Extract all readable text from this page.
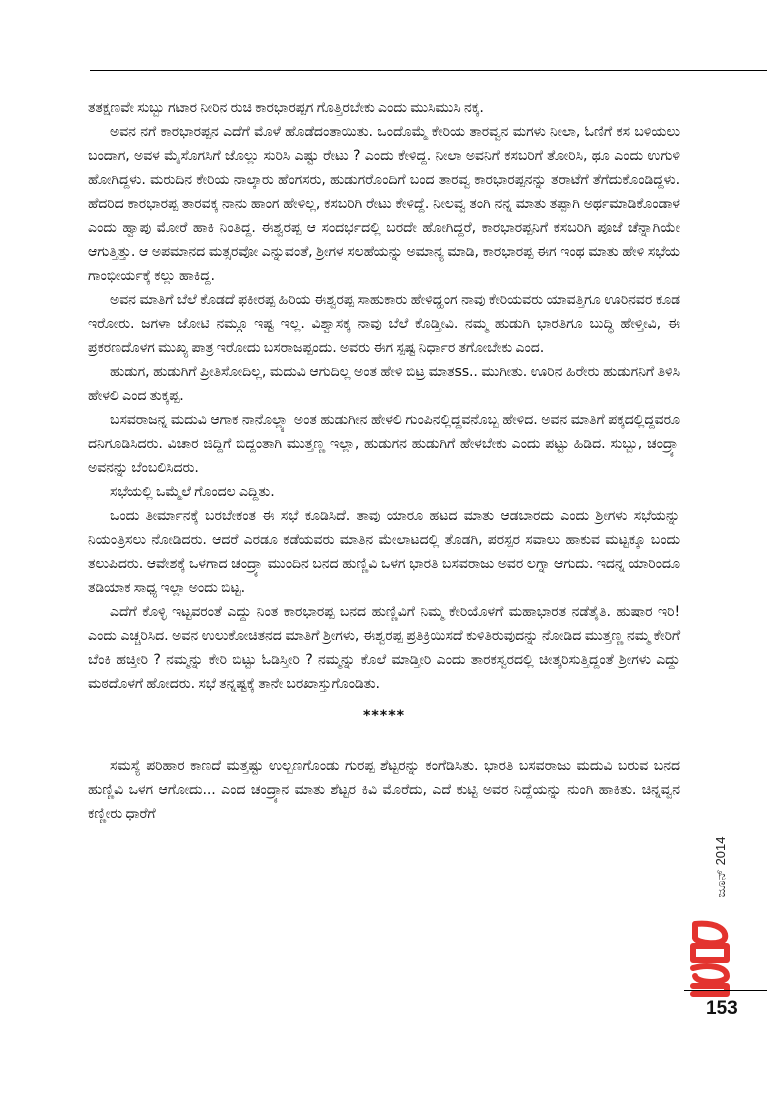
ತತಕ್ಷಣವೇ ಸುಬ್ಬು ಗಟಾರ ನೀರಿನ ರುಚಿ ಕಾರಭಾರಪ್ಪಗ ಗೊತ್ತಿರಬೇಕು ಎಂದು ಮುಸಿಮುಸಿ ನಕ್ಕ.

ಅವನ ನಗೆ ಕಾರಭಾರಪ್ಪನ ಎದೆಗೆ ಮೊಳೆ ಹೊಡೆದಂತಾಯಿತು. ಒಂದೊಮ್ಮೆ ಕೇರಿಯ ತಾರವ್ವನ ಮಗಳು ನೀಲಾ, ಓಣಿಗೆ ಕಸ ಬಳಿಯಲು ಬಂದಾಗ, ಅವಳ ಮೈಸೊಗಸಿಗೆ ಜೊಲ್ಲು ಸುರಿಸಿ ಎಷ್ಟು ರೇಟು ? ಎಂದು ಕೇಳಿದ್ದ. ನೀಲಾ ಅವನಿಗೆ ಕಸಬರಿಗೆ ತೋರಿಸಿ, ಥೂ ಎಂದು ಉಗುಳಿ ಹೋಗಿದ್ದಳು. ಮರುದಿನ ಕೇರಿಯ ನಾಲ್ಕಾರು ಹೆಂಗಸರು, ಹುಡುಗರೊಂದಿಗೆ ಬಂದ ತಾರವ್ವ ಕಾರಭಾರಪ್ಪನನ್ನು ತರಾಟೆಗೆ ತೆಗೆದುಕೊಂಡಿದ್ದಳು. ಹೆದರಿದ ಕಾರಭಾರಪ್ಪ ತಾರವಕ್ಕ ನಾನು ಹಾಂಗ ಹೇಳಿಲ್ಲ, ಕಸಬರಿಗಿ ರೇಟು ಕೇಳಿದ್ದೆ. ನೀಲವ್ವ ತಂಗಿ ನನ್ನ ಮಾತು ತಪ್ಪಾಗಿ ಅರ್ಥಮಾಡಿಕೊಂಡಾಳ ಎಂದು ಹ್ವಾಪು ಮೋರೆ ಹಾಕಿ ನಿಂತಿದ್ದ. ಈಶ್ವರಪ್ಪ ಆ ಸಂದರ್ಭದಲ್ಲಿ ಬರದೇ ಹೋಗಿದ್ದರೆ, ಕಾರಭಾರಪ್ಪನಿಗೆ ಕಸಬರಿಗಿ ಪೂಜೆ ಚೆನ್ನಾಗಿಯೇ ಆಗುತ್ತಿತ್ತು. ಆ ಅಪಮಾನದ ಮತ್ಸರವೋ ಎನ್ನುವಂತೆ, ಶ್ರೀಗಳ ಸಲಹೆಯನ್ನು ಅಮಾನ್ಯ ಮಾಡಿ, ಕಾರಭಾರಪ್ಪ ಈಗ ಇಂಥ ಮಾತು ಹೇಳಿ ಸಭೆಯ ಗಾಂಭೀರ್ಯಕ್ಕೆ ಕಲ್ಲು ಹಾಕಿದ್ದ.

ಅವನ ಮಾತಿಗೆ ಬೆಲೆ ಕೊಡದೆ ಫಕೀರಪ್ಪ ಹಿರಿಯ ಈಶ್ವರಪ್ಪ ಸಾಹುಕಾರು ಹೇಳಿದ್ಹಂಗ ನಾವು ಕೇರಿಯವರು ಯಾವತ್ತಿಗೂ ಊರಿನವರ ಕೂಡ ಇರೋರು. ಜಗಳಾ ಜೋಟಿ ನಮ್ಗೂ ಇಷ್ಟ ಇಲ್ಲ. ವಿಶ್ವಾಸಕ್ಕ ನಾವು ಬೆಲೆ ಕೊಡ್ತೀವಿ. ನಮ್ಮ ಹುಡುಗಿ ಭಾರತಿಗೂ ಬುದ್ಧಿ ಹೇಳ್ತೀವಿ, ಈ ಪ್ರಕರಣದೊಳಗ ಮುಖ್ಯ ಪಾತ್ರ ಇರೋದು ಬಸರಾಜಪ್ಪಂದು. ಅವರು ಈಗ ಸ್ಪಷ್ಟ ನಿರ್ಧಾರ ತಗೋಬೇಕು ಎಂದ.

ಹುಡುಗ, ಹುಡುಗಿಗೆ ಪ್ರೀತಿಸೋದಿಲ್ಲ, ಮದುವಿ ಆಗುದಿಲ್ಲ ಅಂತ ಹೇಳಿ ಬಿಟ್ರ ಮಾತss.. ಮುಗೀತು. ಊರಿನ ಹಿರೇರು ಹುಡುಗನಿಗೆ ತಿಳಿಸಿ ಹೇಳಲಿ ಎಂದ ತುಕ್ಕಪ್ಪ.

ಬಸವರಾಜನ್ನ ಮದುವಿ ಆಗಾಕ ನಾನೊಲ್ಲ್ಯಾ ಅಂತ ಹುಡುಗೀನ ಹೇಳಲಿ ಗುಂಪಿನಲ್ಲಿದ್ದವನೊಬ್ಬ ಹೇಳಿದ. ಅವನ ಮಾತಿಗೆ ಪಕ್ಕದಲ್ಲಿದ್ದವರೂ ದನಿಗೂಡಿಸಿದರು. ವಿಚಾರ ಜಿದ್ದಿಗೆ ಬಿದ್ದಂತಾಗಿ ಮುತ್ತಣ್ಣ ಇಲ್ಲಾ, ಹುಡುಗನ ಹುಡುಗಿಗೆ ಹೇಳಬೇಕು ಎಂದು ಪಟ್ಟು ಹಿಡಿದ. ಸುಬ್ಬು, ಚಂದ್ರ್ಯಾ ಅವನನ್ನು ಬೆಂಬಲಿಸಿದರು.

ಸಭೆಯಲ್ಲಿ ಒಮ್ಮೆಲೆ ಗೊಂದಲ ಎದ್ದಿತು.

ಒಂದು ತೀರ್ಮಾನಕ್ಕೆ ಬರಬೇಕಂತ ಈ ಸಭೆ ಕೂಡಿಸಿದೆ. ತಾವು ಯಾರೂ ಹಟದ ಮಾತು ಆಡಬಾರದು ಎಂದು ಶ್ರೀಗಳು ಸಭೆಯನ್ನು ನಿಯಂತ್ರಿಸಲು ನೋಡಿದರು. ಆದರೆ ಎರಡೂ ಕಡೆಯವರು ಮಾತಿನ ಮೇಲಾಟದಲ್ಲಿ ತೊಡಗಿ, ಪರಸ್ಪರ ಸವಾಲು ಹಾಕುವ ಮಟ್ಟಕ್ಕೂ ಬಂದು ತಲುಪಿದರು. ಆವೇಶಕ್ಕೆ ಒಳಗಾದ ಚಂದ್ರ್ಯಾ ಮುಂದಿನ ಬನದ ಹುಣ್ಣಿವಿ ಒಳಗ ಭಾರತಿ ಬಸವರಾಜು ಅವರ ಲಗ್ನಾ ಆಗುದು. ಇದನ್ನ ಯಾರಿಂದೂ ತಡಿಯಾಕ ಸಾಧ್ಯ ಇಲ್ಲಾ ಅಂದು ಬಿಟ್ಟ.

ಎದೆಗೆ ಕೊಳ್ಳಿ ಇಟ್ಟವರಂತೆ ಎದ್ದು ನಿಂತ ಕಾರಭಾರಪ್ಪ ಬನದ ಹುಣ್ಣಿವಿಗೆ ನಿಮ್ಮ ಕೇರಿಯೊಳಗೆ ಮಹಾಭಾರತ ನಡೆತೈತಿ. ಹುಷಾರ ಇರಿ! ಎಂದು ಎಚ್ಚರಿಸಿದ. ಅವನ ಉಲುಕೋಚಿತನದ ಮಾತಿಗೆ ಶ್ರೀಗಳು, ಈಶ್ವರಪ್ಪ ಪ್ರತಿಕ್ರಿಯಿಸದೆ ಕುಳಿತಿರುವುದನ್ನು ನೋಡಿದ ಮುತ್ತಣ್ಣ ನಮ್ಮ ಕೇರಿಗೆ ಬೆಂಕಿ ಹಚ್ತೀರಿ ? ನಮ್ಮನ್ನು ಕೇರಿ ಬಿಟ್ಟು ಓಡಿಸ್ತೀರಿ ? ನಮ್ಮನ್ನು ಕೊಲೆ ಮಾಡ್ತೀರಿ ಎಂದು ತಾರಕಸ್ವರದಲ್ಲಿ ಚೀತ್ಕರಿಸುತ್ತಿದ್ದಂತೆ ಶ್ರೀಗಳು ಎದ್ದು ಮಠದೊಳಗೆ ಹೋದರು. ಸಭೆ ತನ್ನಷ್ಟಕ್ಕೆ ತಾನೇ ಬರಖಾಸ್ತುಗೊಂಡಿತು.

*****

ಸಮಸ್ಯೆ ಪರಿಹಾರ ಕಾಣದೆ ಮತ್ತಷ್ಟು ಉಲ್ಬಣಗೊಂಡು ಗುರಪ್ಪ ಶೆಟ್ಟರನ್ನು ಕಂಗೆಡಿಸಿತು. ಭಾರತಿ ಬಸವರಾಜು ಮದುವಿ ಬರುವ ಬನದ ಹುಣ್ಣಿವಿ ಒಳಗ ಆಗೋದು... ಎಂದ ಚಂದ್ರ್ಯಾನ ಮಾತು ಶೆಟ್ಟರ ಕಿವಿ ಮೊರೆದು, ಎದೆ ಕುಟ್ಟಿ ಅವರ ನಿದ್ದೆಯನ್ನು ನುಂಗಿ ಹಾಕಿತು. ಚಿನ್ನವ್ವನ ಕಣ್ಣೀರು ಧಾರೆಗೆ

ಜೂನ್ 2014
153
